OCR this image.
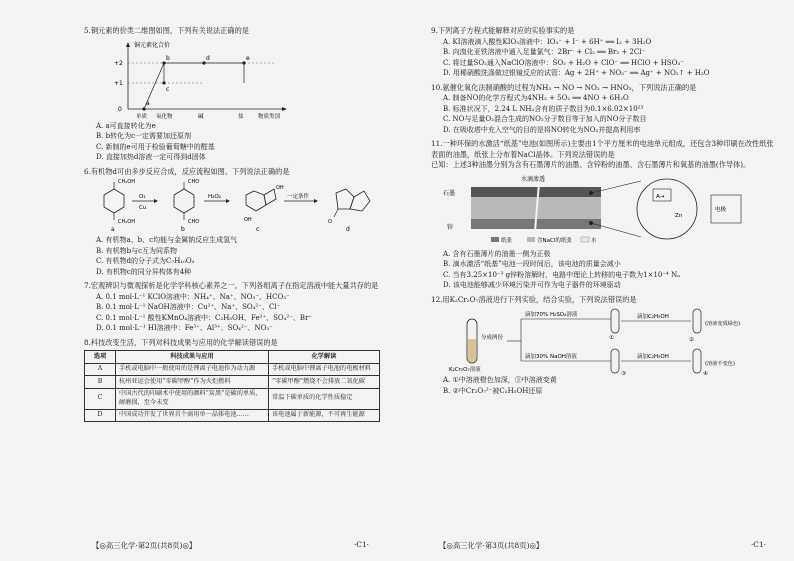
5.铜元素的价类二维图如图，下列有关说法正确的是
铜元素化合价
+2
+1
0
a
b
c
d	e
单质 氧化物	碱	盐	物质类别
A. a可直接转化为e
B. b转化为c一定需要加还原剂
C. 新制的e可用于检验葡萄糖中的醛基
D. 直接加热d溶液一定可得到d固体
6.有机物d可由多步反应合成，反应流程如图。下列说法正确的是
CH₂OH
CH₂OH
a
O₂
Cu
CHO
CHO
b
H₂O₂
OH
OH
c
一定条件
O
d
A. 有机物a、b、c均能与金属钠反应生成氢气
B. 有机物b与c互为同系物
C. 有机物d的分子式为C₇H₁₀O₃
D. 有机物c的同分异构体有4种
7.宏观辨识与微观探析是化学学科核心素养之一。下列各组离子在指定溶液中能大量共存的是
A. 0.1 mol·L⁻¹ KClO溶液中：NH₄⁺、Na⁺、NO₃⁻、HCO₃⁻
B. 0.1 mol·L⁻¹ NaOH溶液中：Cu²⁺、Na⁺、SO₄²⁻、Cl⁻
C. 0.1 mol·L⁻¹ 酸性KMnO₄溶液中：C₂H₅OH、Fe²⁺、SO₄²⁻、Br⁻
D. 0.1 mol·L⁻¹ HI溶液中：Fe³⁺、Al³⁺、SO₄²⁻、NO₃⁻
8.科技改变生活，下列对科技成果与应用的化学解读错误的是
选项	科技成果与应用	化学解读
A	手机或电脑中一般使用的是锂离子电池作为动力源	手机或电脑中锂离子电池的电极材料
B	杭州亚运会使用“零碳甲醇”作为火炬燃料	“零碳甲醇”燃烧不会排放二氧化碳
C	中国古代的印刷术中使用的颜料“炭黑”是碳的单质，耐磨损，至今未变	常温下碳单质的化学性质稳定
D	中国成功开发了世界首个商用单一晶体电池……	该电池属于新能源，不可再生能源
【◎高三化学·第2页(共8页)◎】	·C1·
9.下列离子方程式能解释对应的实验事实的是
A. KI溶液滴入酸性KIO₃溶液中：IO₃⁻ + I⁻ + 6H⁺ ══ I₂ + 3H₂O
B. 向溴化亚铁溶液中通入足量氯气：2Br⁻ + Cl₂ ══ Br₂ + 2Cl⁻
C. 将过量SO₂通入NaClO溶液中：SO₂ + H₂O + ClO⁻ ══ HClO + HSO₃⁻
D. 用稀硝酸洗涤做过银镜反应的试管：Ag + 2H⁺ + NO₃⁻ ══ Ag⁺ + NO₂↑ + H₂O
10.氨催化氧化法制硝酸的过程为NH₃ → NO → NO₂ → HNO₃，下列说法正确的是
A. 制备NO的化学方程式为4NH₃ + 5O₂ ══ 4NO + 6H₂O
B. 标准状况下，2.24 L NH₃含有的质子数目为0.1×6.02×10²³
C. NO与足量O₂混合生成的NO₂分子数目等于加入的NO分子数目
D. 在吸收塔中充入空气的目的是将NO转化为NO₂并提高利用率
11.一种环保的水激活“纸基”电池(如图所示)主要由1个平方厘米的电池单元组成，还包含3种印刷在改性纸张表面的油墨，纸张上分布着NaCl晶体。下列说法错误的是
已知：上述3种油墨分别为含有石墨薄片的油墨、含锌粉的油墨、含石墨薄片和氧基的油墨(作导体)。
水滴渗透
石墨
锌
A→
Zn
电极
纸张	含NaCl的纸张	水
A. 含有石墨薄片的油墨一侧为正极
B. 滴水激活“纸基”电池一段时间后，该电池的质量会减小
C. 当有3.25×10⁻³ g锌粉溶解时，电路中理论上转移的电子数为1×10⁻⁴ Nₐ
D. 该电池能够减少环境污染并可作为电子器件的环境驱动
12.用K₂Cr₂O₇溶液进行下列实验，结合实验，下列说法错误的是
K₂Cr₂O₇溶液
分成两份
滴加70% H₂SO₄溶液
滴加30% NaOH溶液
①
③
滴加C₂H₅OH
滴加C₂H₅OH
②
④
(溶液变成绿色)
(溶液不变色)
A. ①中溶液橙色加深，③中溶液变黄
B. ②中Cr₂O₇²⁻被C₂H₅OH还原
【◎高三化学·第3页(共8页)◎】	·C1·
